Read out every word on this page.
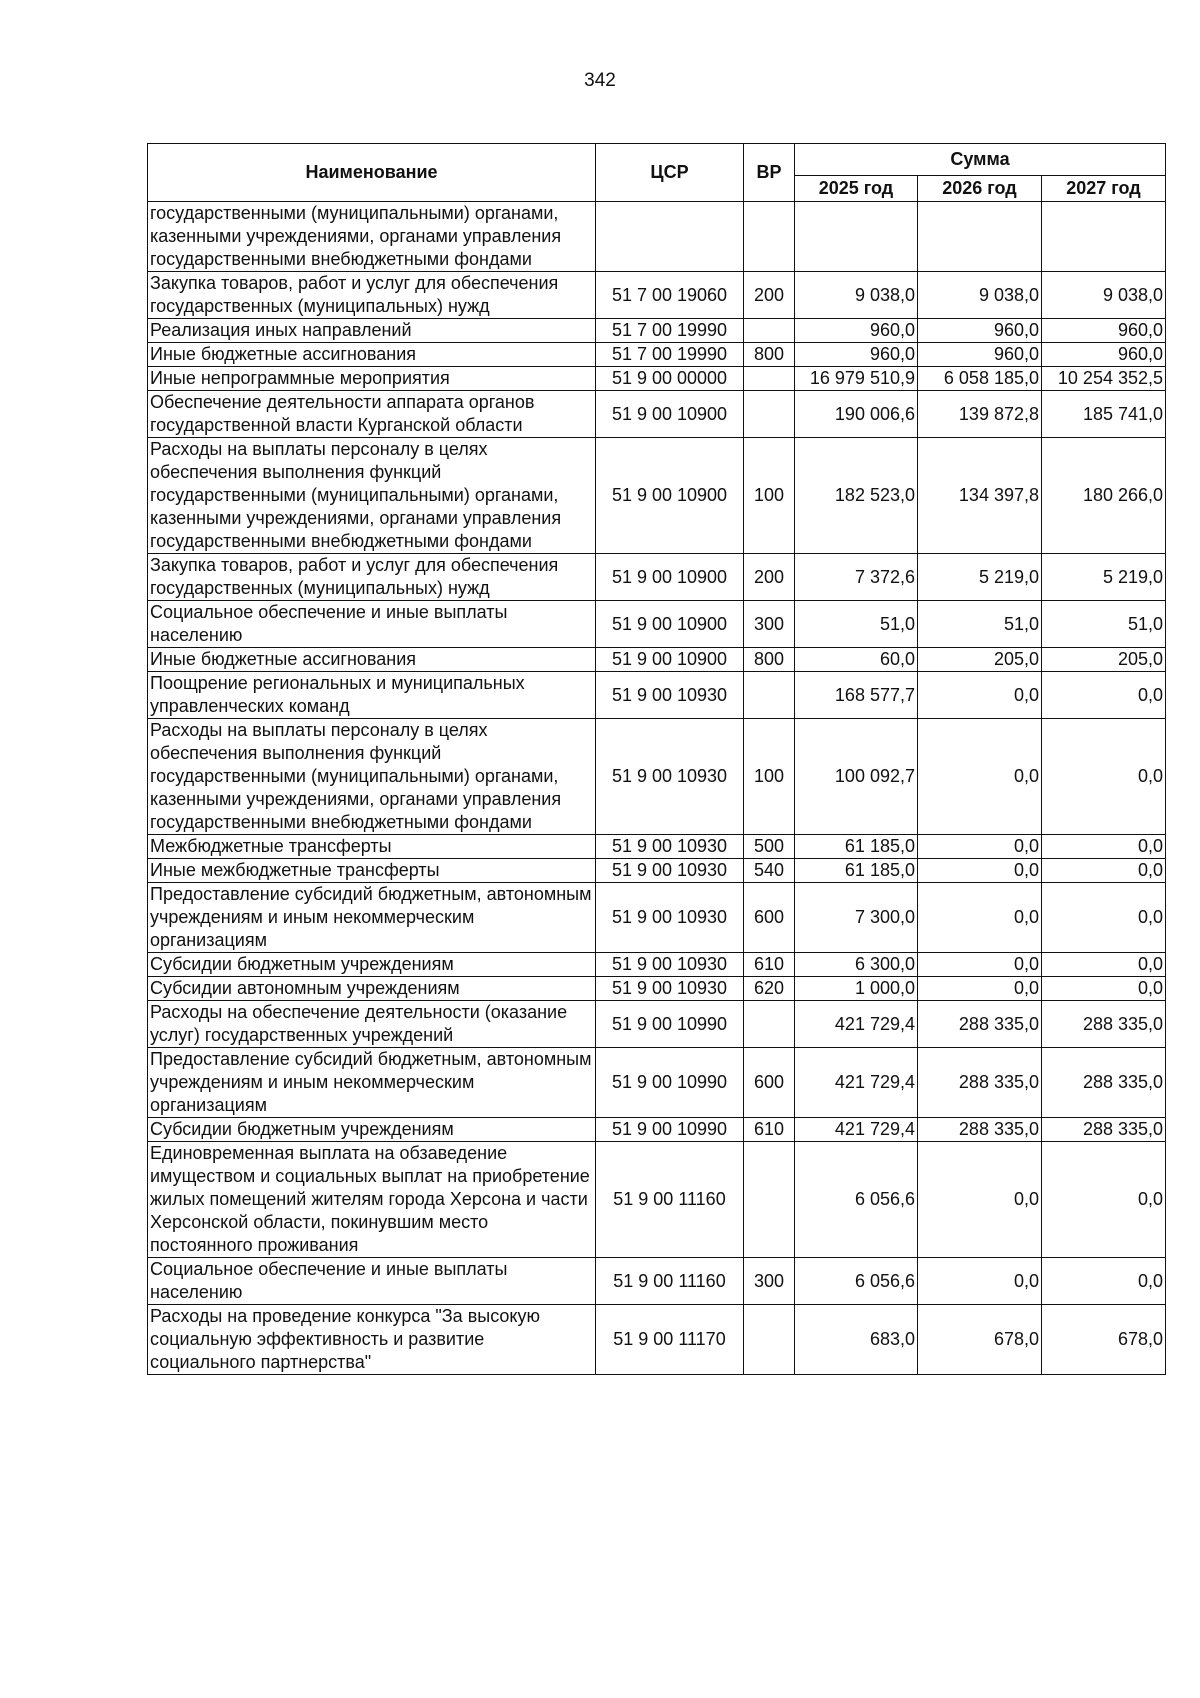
342
Наименование	ЦСР	ВР	Сумма		
			2025 год	2026 год	2027 год
государственными (муниципальными) органами, казенными учреждениями, органами управления государственными внебюджетными фондами					
Закупка товаров, работ и услуг для обеспечения государственных (муниципальных) нужд	51 7 00 19060	200	9 038,0	9 038,0	9 038,0
Реализация иных направлений	51 7 00 19990		960,0	960,0	960,0
Иные бюджетные ассигнования	51 7 00 19990	800	960,0	960,0	960,0
Иные непрограммные мероприятия	51 9 00 00000		16 979 510,9	6 058 185,0	10 254 352,5
Обеспечение деятельности аппарата органов государственной власти Курганской области	51 9 00 10900		190 006,6	139 872,8	185 741,0
Расходы на выплаты персоналу в целях обеспечения выполнения функций государственными (муниципальными) органами, казенными учреждениями, органами управления государственными внебюджетными фондами	51 9 00 10900	100	182 523,0	134 397,8	180 266,0
Закупка товаров, работ и услуг для обеспечения государственных (муниципальных) нужд	51 9 00 10900	200	7 372,6	5 219,0	5 219,0
Социальное обеспечение и иные выплаты населению	51 9 00 10900	300	51,0	51,0	51,0
Иные бюджетные ассигнования	51 9 00 10900	800	60,0	205,0	205,0
Поощрение региональных и муниципальных управленческих команд	51 9 00 10930		168 577,7	0,0	0,0
Расходы на выплаты персоналу в целях обеспечения выполнения функций государственными (муниципальными) органами, казенными учреждениями, органами управления государственными внебюджетными фондами	51 9 00 10930	100	100 092,7	0,0	0,0
Межбюджетные трансферты	51 9 00 10930	500	61 185,0	0,0	0,0
Иные межбюджетные трансферты	51 9 00 10930	540	61 185,0	0,0	0,0
Предоставление субсидий бюджетным, автономным учреждениям и иным некоммерческим организациям	51 9 00 10930	600	7 300,0	0,0	0,0
Субсидии бюджетным учреждениям	51 9 00 10930	610	6 300,0	0,0	0,0
Субсидии автономным учреждениям	51 9 00 10930	620	1 000,0	0,0	0,0
Расходы на обеспечение деятельности (оказание услуг) государственных учреждений	51 9 00 10990		421 729,4	288 335,0	288 335,0
Предоставление субсидий бюджетным, автономным учреждениям и иным некоммерческим организациям	51 9 00 10990	600	421 729,4	288 335,0	288 335,0
Субсидии бюджетным учреждениям	51 9 00 10990	610	421 729,4	288 335,0	288 335,0
Единовременная выплата на обзаведение имуществом и социальных выплат на приобретение жилых помещений жителям города Херсона и части Херсонской области, покинувшим место постоянного проживания	51 9 00 11160		6 056,6	0,0	0,0
Социальное обеспечение и иные выплаты населению	51 9 00 11160	300	6 056,6	0,0	0,0
Расходы на проведение конкурса "За высокую социальную эффективность и развитие социального партнерства"	51 9 00 11170		683,0	678,0	678,0
